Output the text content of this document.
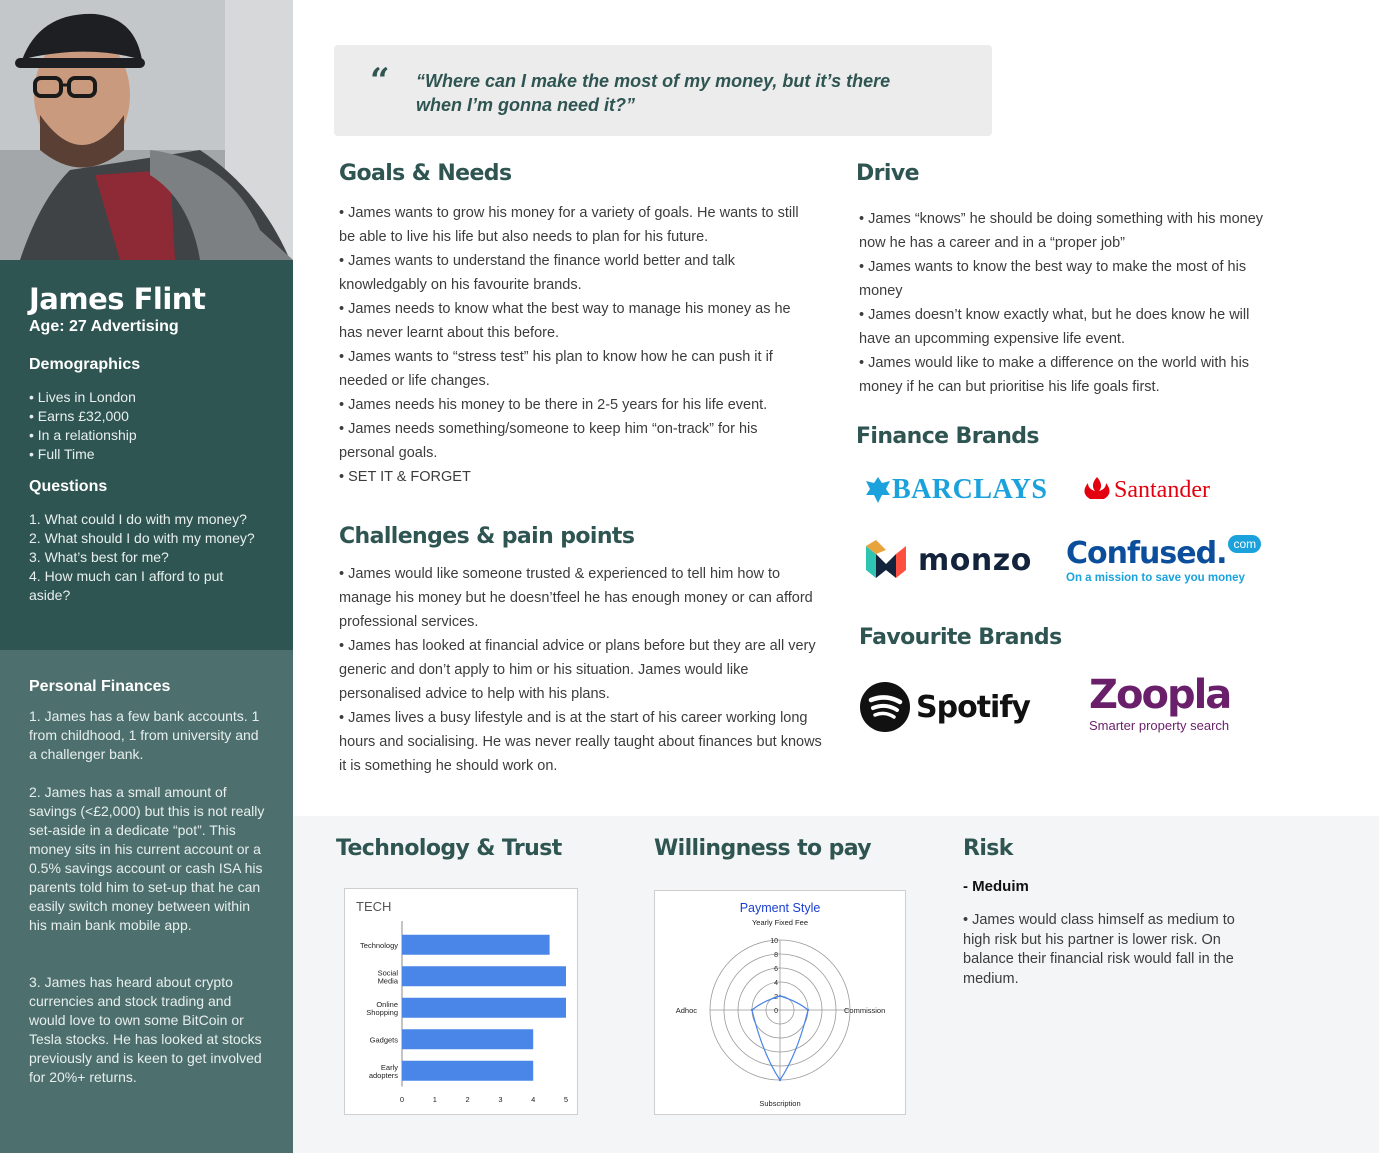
James Flint
Age: 27 Advertising
Demographics
• Lives in London
• Earns £32,000
• In a relationship
• Full Time
Questions
1. What could I do with my money?
2. What should I do with my money?
3. What’s best for me?
4. How much can I afford to put aside?
Personal Finances
1. James has a few bank accounts. 1 from childhood, 1 from university and a challenger bank.
2. James has a small amount of savings (<£2,000) but this is not really set-aside in a dedicate “pot”. This money sits in his current account or a 0.5% savings account or cash ISA his parents told him to set-up that he can easily switch money between within his main bank mobile app.
3. James has heard about crypto currencies and stock trading and would love to own some BitCoin or Tesla stocks. He has looked at stocks previously and is keen to get involved for 20%+ returns.
“ “Where can I make the most of my money, but it’s there when I’m gonna need it?”
Goals & Needs

• James wants to grow his money for a variety of goals. He wants to still be able to live his life but also needs to plan for his future.

• James wants to understand the finance world better and talk knowledgably on his favourite brands.

• James needs to know what the best way to manage his money as he has never learnt about this before.

• James wants to “stress test” his plan to know how he can push it if needed or life changes.

• James needs his money to be there in 2-5 years for his life event.

• James needs something/someone to keep him “on-track” for his personal goals.

• SET IT & FORGET

Challenges & pain points

• James would like someone trusted & experienced to tell him how to manage his money but he doesn’tfeel he has enough money or can afford professional services.

• James has looked at financial advice or plans before but they are all very generic and don’t apply to him or his situation. James would like personalised advice to help with his plans.

• James lives a busy lifestyle and is at the start of his career working long hours and socialising. He was never really taught about finances but knows it is something he should work on.

Drive

• James “knows” he should be doing something with his money now he has a career and in a “proper job”

• James wants to know the best way to make the most of his money

• James doesn’t know exactly what, but he does know he will have an upcomming expensive life event.

• James would like to make a difference on the world with his money if he can but prioritise his life goals first.

Finance Brands
BARCLAYS	Santander
monzo Confused. com
On a mission to save you money
Favourite Brands
Spotify Zoopla
Smarter property search
Technology & Trust	Willingness to pay	Risk
- Meduim
• James would class himself as medium to high risk but his partner is lower risk. On balance their financial risk would fall in the medium.
TECH
Technology
Social
Media
Online
Shopping
Gadgets
Early
adopters
0	1	2	3	4	5
Payment Style
0
2
4
6
8
10
Yearly Fixed Fee
Commission
Subscription
Adhoc
